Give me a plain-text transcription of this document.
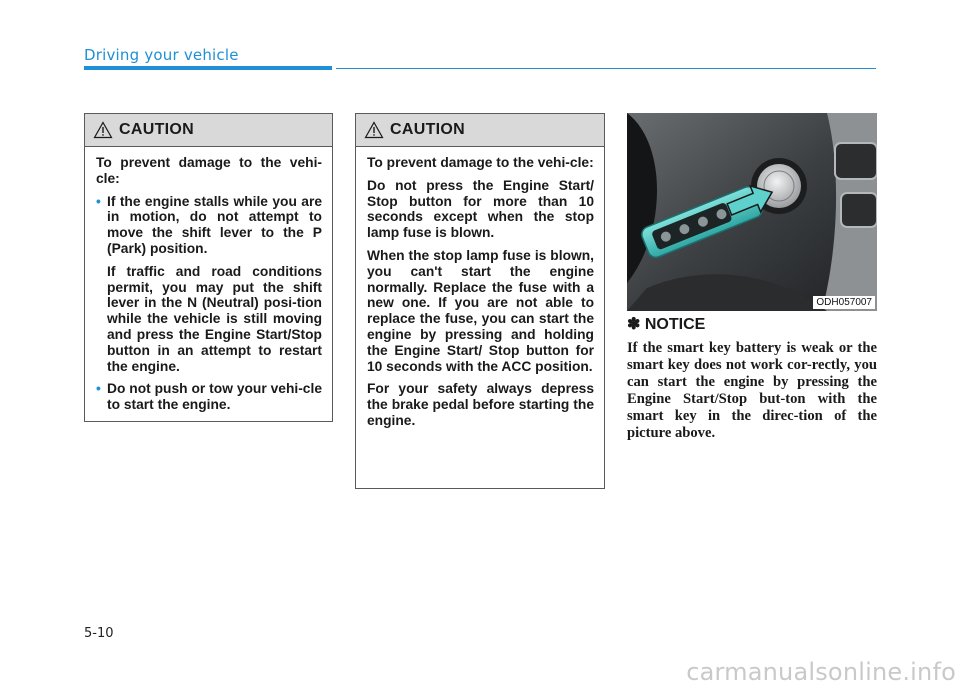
Driving your vehicle
CAUTION

To prevent damage to the vehi-cle:

• If the engine stalls while you are in motion, do not attempt to move the shift lever to the P (Park) position.
If traffic and road conditions permit, you may put the shift lever in the N (Neutral) posi-tion while the vehicle is still moving and press the Engine Start/Stop button in an attempt to restart the engine.
• Do not push or tow your vehi-cle to start the engine.
CAUTION

To prevent damage to the vehi-cle:

Do not press the Engine Start/ Stop button for more than 10 seconds except when the stop lamp fuse is blown.

When the stop lamp fuse is blown, you can't start the engine normally. Replace the fuse with a new one. If you are not able to replace the fuse, you can start the engine by pressing and holding the Engine Start/ Stop button for 10 seconds with the ACC position.

For your safety always depress the brake pedal before starting the engine.

ODH057007
✽ NOTICE

If the smart key battery is weak or the smart key does not work cor-rectly, you can start the engine by pressing the Engine Start/Stop but-ton with the smart key in the direc-tion of the picture above.

5-10
carmanualsonline.info
